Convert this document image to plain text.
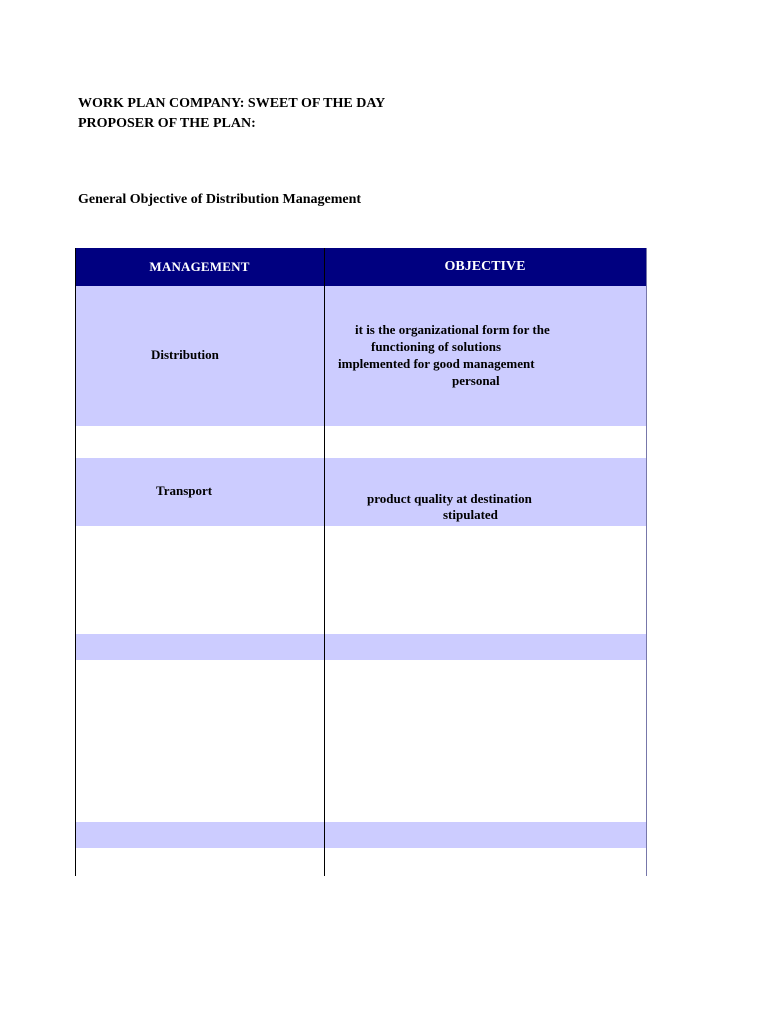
WORK PLAN COMPANY: SWEET OF THE DAY
PROPOSER OF THE PLAN:
General Objective of Distribution Management
MANAGEMENT	OBJECTIVE
Distribution
it is the organizational form for the
functioning of solutions
implemented for good management
personal
Transport
product quality at destination
stipulated
